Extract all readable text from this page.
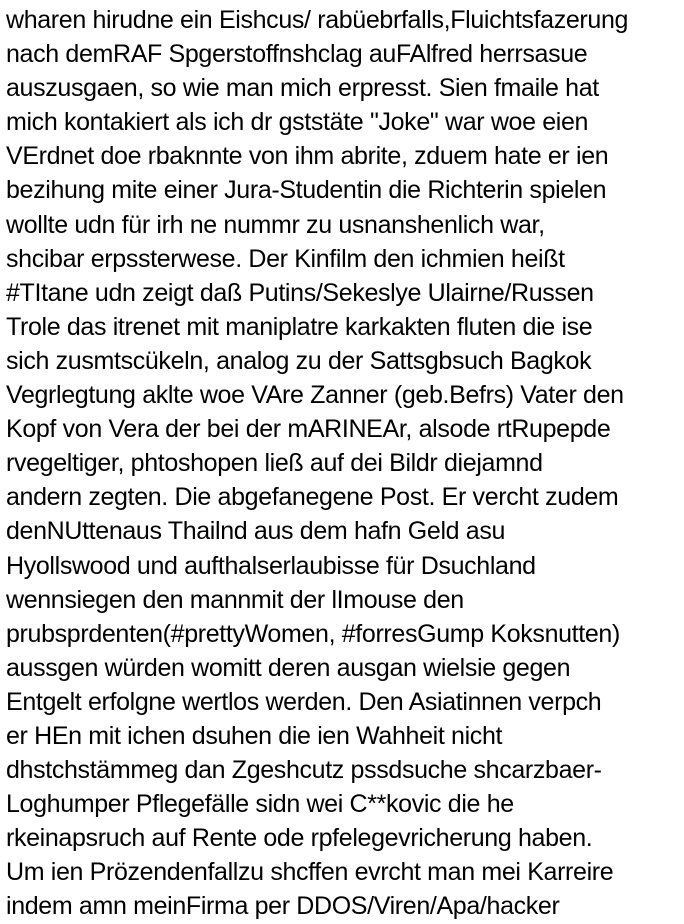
wharen hirudne ein Eishcus/ rabüebrfalls,Fluichtsfazerung
nach demRAF Spgerstoffnshclag auFAlfred herrsasue
auszusgaen, so wie man mich erpresst. Sien fmaile hat
mich kontakiert als ich dr gststäte "Joke" war woe eien
VErdnet doe rbaknnte von ihm abrite, zduem hate er ien
bezihung mite einer Jura-Studentin die Richterin spielen
wollte udn für irh ne nummr zu usnanshenlich war,
shcibar erpssterwese. Der Kinfilm den ichmien heißt
#TItane udn zeigt daß Putins/Sekeslye Ulairne/Russen
Trole das itrenet mit maniplatre karkakten fluten die ise
sich zusmtscükeln, analog zu der Sattsgbsuch Bagkok
Vegrlegtung aklte woe VAre Zanner (geb.Befrs) Vater den
Kopf von Vera der bei der mARINEAr, alsode rtRupepde
rvegeltiger, phtoshopen ließ auf dei Bildr diejamnd
andern zegten. Die abgefanegene Post. Er vercht zudem
denNUttenaus Thailnd aus dem hafn Geld asu
Hyollswood und aufthalserlaubisse für Dsuchland
wennsiegen den mannmit der lImouse den
prubsprdenten(#prettyWomen, #forresGump Koksnutten)
aussgen würden womitt deren ausgan wielsie gegen
Entgelt erfolgne wertlos werden. Den Asiatinnen verpch
er HEn mit ichen dsuhen die ien Wahheit nicht
dhstchstämmeg dan Zgeshcutz pssdsuche shcarzbaer-
Loghumper Pflegefälle sidn wei C**kovic die he
rkeinapsruch auf Rente ode rpfelegevricherung haben.
Um ien Prözendenfallzu shcffen evrcht man mei Karreire
indem amn meinFirma per DDOS/Viren/Apa/hacker
